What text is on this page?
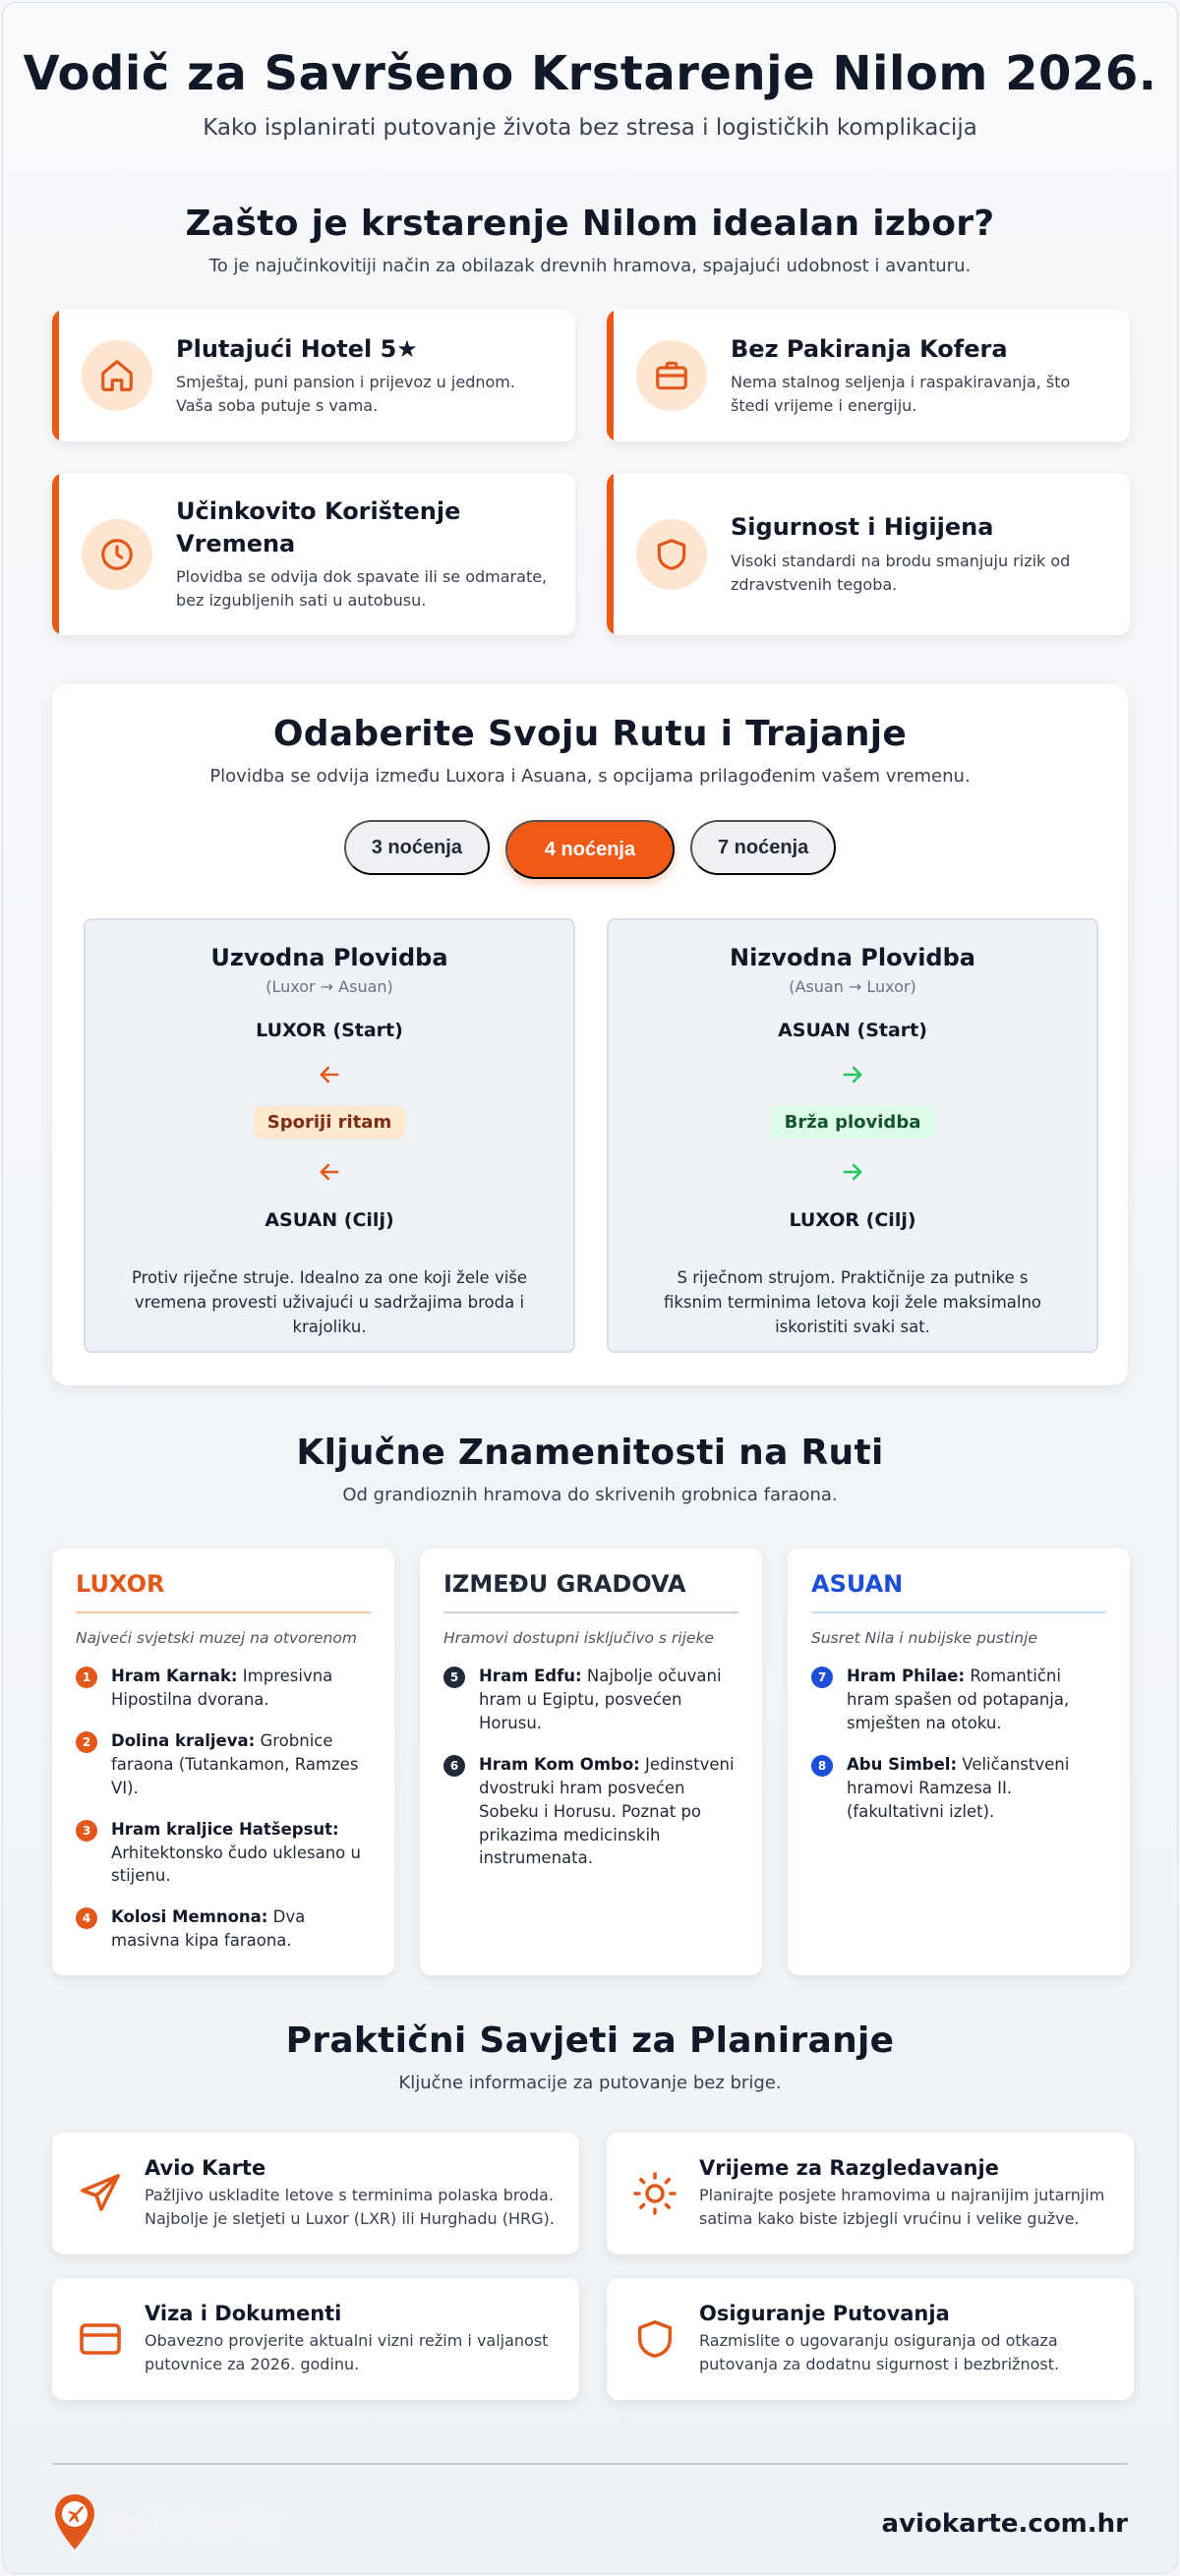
Vodič za Savršeno Krstarenje Nilom 2026.

Kako isplanirati putovanje života bez stresa i logističkih komplikacija

Zašto je krstarenje Nilom idealan izbor?

To je najučinkovitiji način za obilazak drevnih hramova, spajajući udobnost i avanturu.

Plutajući Hotel 5★
Smještaj, puni pansion i prijevoz u jednom. Vaša soba putuje s vama.
Bez Pakiranja Kofera
Nema stalnog seljenja i raspakiravanja, što štedi vrijeme i energiju.
Učinkovito Korištenje Vremena
Plovidba se odvija dok spavate ili se odmarate, bez izgubljenih sati u autobusu.
Sigurnost i Higijena
Visoki standardi na brodu smanjuju rizik od zdravstvenih tegoba.
Odaberite Svoju Rutu i Trajanje

Plovidba se odvija između Luxora i Asuana, s opcijama prilagođenim vašem vremenu.

3 noćenja	4 noćenja	7 noćenja
Uzvodna Plovidba
(Luxor → Asuan)
LUXOR (Start)
Sporiji ritam
ASUAN (Cilj)

Protiv riječne struje. Idealno za one koji žele više vremena provesti uživajući u sadržajima broda i krajoliku.

Nizvodna Plovidba
(Asuan → Luxor)
ASUAN (Start)
Brža plovidba
LUXOR (Cilj)

S riječnom strujom. Praktičnije za putnike s fiksnim terminima letova koji žele maksimalno iskoristiti svaki sat.

Ključne Znamenitosti na Ruti

Od grandioznih hramova do skrivenih grobnica faraona.

LUXOR
Najveći svjetski muzej na otvorenom
1	Hram Karnak: Impresivna Hipostilna dvorana.
2	Dolina kraljeva: Grobnice faraona (Tutankamon, Ramzes VI).
3	Hram kraljice Hatšepsut: Arhitektonsko čudo uklesano u stijenu.
4	Kolosi Memnona: Dva masivna kipa faraona.
IZMEĐU GRADOVA
Hramovi dostupni isključivo s rijeke
5	Hram Edfu: Najbolje očuvani hram u Egiptu, posvećen Horusu.
6	Hram Kom Ombo: Jedinstveni dvostruki hram posvećen Sobeku i Horusu. Poznat po prikazima medicinskih instrumenata.
ASUAN
Susret Nila i nubijske pustinje
7	Hram Philae: Romantični hram spašen od potapanja, smješten na otoku.
8	Abu Simbel: Veličanstveni hramovi Ramzesa II. (fakultativni izlet).
Praktični Savjeti za Planiranje

Ključne informacije za putovanje bez brige.

Avio Karte
Pažljivo uskladite letove s terminima polaska broda. Najbolje je sletjeti u Luxor (LXR) ili Hurghadu (HRG).
Vrijeme za Razgledavanje
Planirajte posjete hramovima u najranijim jutarnjim satima kako biste izbjegli vrućinu i velike gužve.
Viza i Dokumenti
Obavezno provjerite aktualni vizni režim i valjanost putovnice za 2026. godinu.
Osiguranje Putovanja
Razmislite o ugovaranju osiguranja od otkaza putovanja za dodatnu sigurnost i bezbrižnost.
aviokarte .com.hr	aviokarte.com.hr
